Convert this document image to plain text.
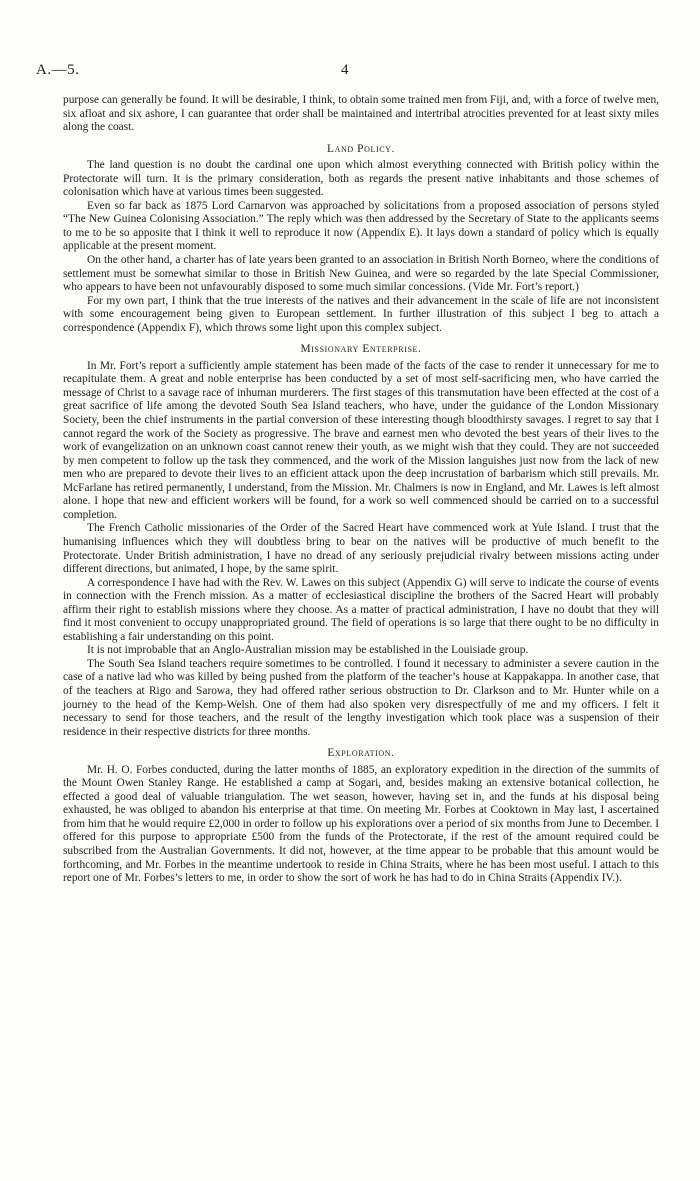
A.—5.	4

purpose can generally be found. It will be desirable, I think, to obtain some trained men from Fiji, and, with a force of twelve men, six afloat and six ashore, I can guarantee that order shall be maintained and intertribal atrocities prevented for at least sixty miles along the coast.

Land Policy.

The land question is no doubt the cardinal one upon which almost everything connected with British policy within the Protectorate will turn. It is the primary consideration, both as regards the present native inhabitants and those schemes of colonisation which have at various times been suggested.

Even so far back as 1875 Lord Carnarvon was approached by solicitations from a proposed association of persons styled “The New Guinea Colonising Association.” The reply which was then addressed by the Secretary of State to the applicants seems to me to be so apposite that I think it well to reproduce it now (Appendix E). It lays down a standard of policy which is equally applicable at the present moment.

On the other hand, a charter has of late years been granted to an association in British North Borneo, where the conditions of settlement must be somewhat similar to those in British New Guinea, and were so regarded by the late Special Commissioner, who appears to have been not unfavourably disposed to some much similar concessions. (Vide Mr. Fort’s report.)

For my own part, I think that the true interests of the natives and their advancement in the scale of life are not inconsistent with some encouragement being given to European settlement. In further illustration of this subject I beg to attach a correspondence (Appendix F), which throws some light upon this complex subject.

Missionary Enterprise.

In Mr. Fort’s report a sufficiently ample statement has been made of the facts of the case to render it unnecessary for me to recapitulate them. A great and noble enterprise has been conducted by a set of most self-sacrificing men, who have carried the message of Christ to a savage race of inhuman murderers. The first stages of this transmutation have been effected at the cost of a great sacrifice of life among the devoted South Sea Island teachers, who have, under the guidance of the London Missionary Society, been the chief instruments in the partial conversion of these interesting though bloodthirsty savages. I regret to say that I cannot regard the work of the Society as progressive. The brave and earnest men who devoted the best years of their lives to the work of evangelization on an unknown coast cannot renew their youth, as we might wish that they could. They are not succeeded by men competent to follow up the task they commenced, and the work of the Mission languishes just now from the lack of new men who are prepared to devote their lives to an efficient attack upon the deep incrustation of barbarism which still prevails. Mr. McFarlane has retired permanently, I understand, from the Mission. Mr. Chalmers is now in England, and Mr. Lawes is left almost alone. I hope that new and efficient workers will be found, for a work so well commenced should be carried on to a successful completion.

The French Catholic missionaries of the Order of the Sacred Heart have commenced work at Yule Island. I trust that the humanising influences which they will doubtless bring to bear on the natives will be productive of much benefit to the Protectorate. Under British administration, I have no dread of any seriously prejudicial rivalry between missions acting under different directions, but animated, I hope, by the same spirit.

A correspondence I have had with the Rev. W. Lawes on this subject (Appendix G) will serve to indicate the course of events in connection with the French mission. As a matter of ecclesiastical discipline the brothers of the Sacred Heart will probably affirm their right to establish missions where they choose. As a matter of practical administration, I have no doubt that they will find it most convenient to occupy unappropriated ground. The field of operations is so large that there ought to be no difficulty in establishing a fair understanding on this point.

It is not improbable that an Anglo-Australian mission may be established in the Louisiade group.

The South Sea Island teachers require sometimes to be controlled. I found it necessary to administer a severe caution in the case of a native lad who was killed by being pushed from the platform of the teacher’s house at Kappakappa. In another case, that of the teachers at Rigo and Sarowa, they had offered rather serious obstruction to Dr. Clarkson and to Mr. Hunter while on a journey to the head of the Kemp-Welsh. One of them had also spoken very disrespectfully of me and my officers. I felt it necessary to send for those teachers, and the result of the lengthy investigation which took place was a suspension of their residence in their respective districts for three months.

Exploration.

Mr. H. O. Forbes conducted, during the latter months of 1885, an exploratory expedition in the direction of the summits of the Mount Owen Stanley Range. He established a camp at Sogari, and, besides making an extensive botanical collection, he effected a good deal of valuable triangulation. The wet season, however, having set in, and the funds at his disposal being exhausted, he was obliged to abandon his enterprise at that time. On meeting Mr. Forbes at Cooktown in May last, I ascertained from him that he would require £2,000 in order to follow up his explorations over a period of six months from June to December. I offered for this purpose to appropriate £500 from the funds of the Protectorate, if the rest of the amount required could be subscribed from the Australian Governments. It did not, however, at the time appear to be probable that this amount would be forthcoming, and Mr. Forbes in the meantime undertook to reside in China Straits, where he has been most useful. I attach to this report one of Mr. Forbes’s letters to me, in order to show the sort of work he has had to do in China Straits (Appendix IV.).
